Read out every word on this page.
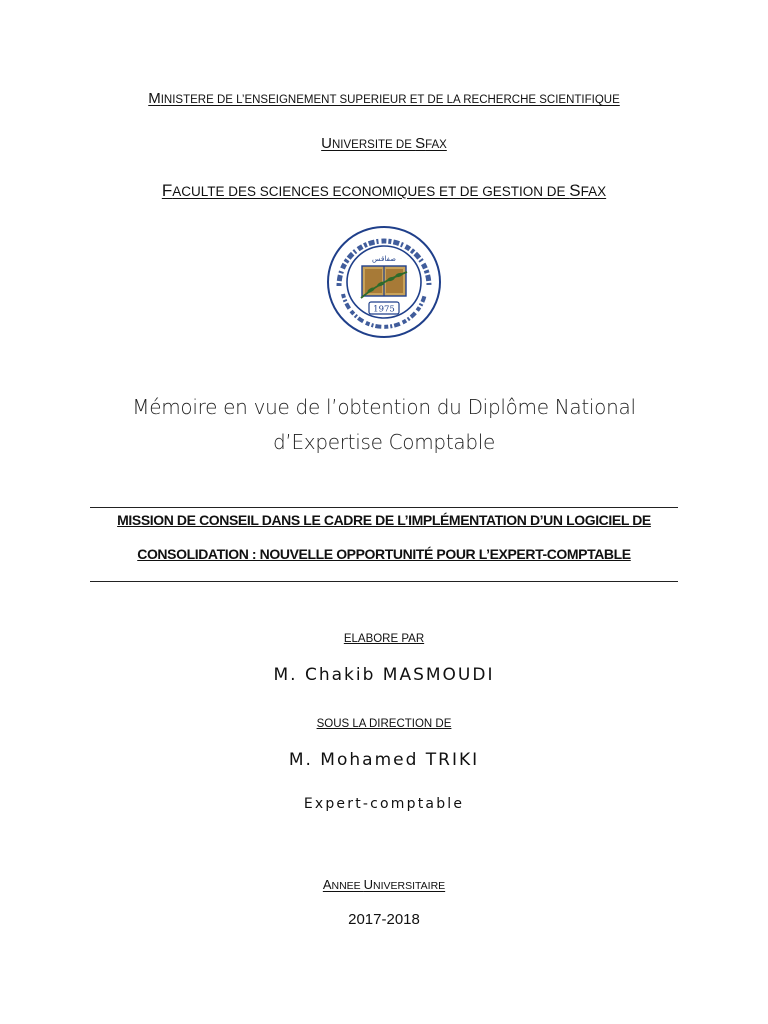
MINISTERE DE L’ENSEIGNEMENT SUPERIEUR ET DE LA RECHERCHE SCIENTIFIQUE
UNIVERSITE DE SFAX
FACULTE DES SCIENCES ECONOMIQUES ET DE GESTION DE SFAX
صفاقس
1975
Mémoire en vue de l’obtention du Diplôme National
d’Expertise Comptable
MISSION DE CONSEIL DANS LE CADRE DE L’IMPLÉMENTATION D’UN LOGICIEL DE
CONSOLIDATION : NOUVELLE OPPORTUNITÉ POUR L’EXPERT-COMPTABLE
ELABORE PAR
M. Chakib MASMOUDI
SOUS LA DIRECTION DE
M. Mohamed TRIKI
Expert-comptable
ANNEE UNIVERSITAIRE
2017-2018
